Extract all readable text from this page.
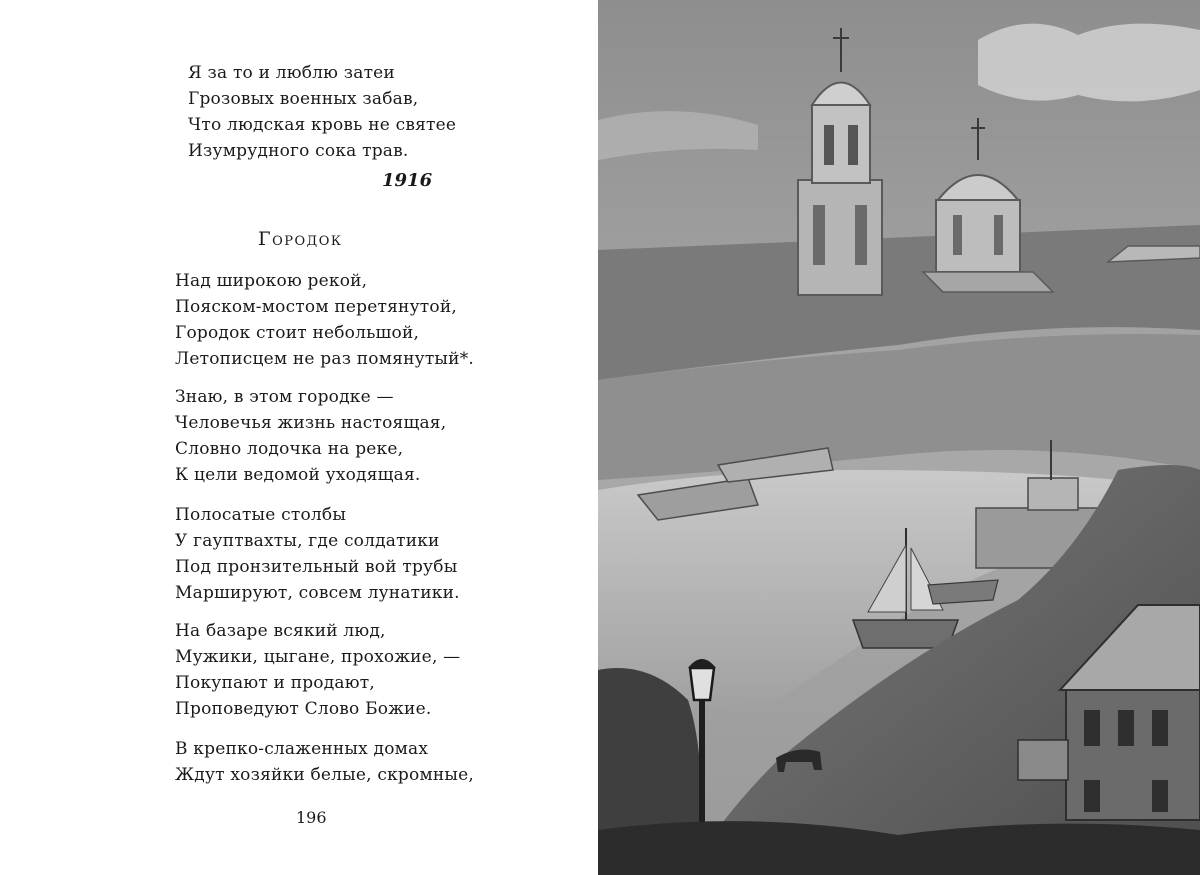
Я за то и люблю затеи
Грозовых военных забав,
Что людская кровь не святее
Изумрудного сока трав.
1916
Городок
Над широкою рекой,
Пояском-мостом перетянутой,
Городок стоит небольшой,
Летописцем не раз помянутый*.
Знаю, в этом городке —
Человечья жизнь настоящая,
Словно лодочка на реке,
К цели ведомой уходящая.
Полосатые столбы
У гауптвахты, где солдатики
Под пронзительный вой трубы
Маршируют, совсем лунатики.
На базаре всякий люд,
Мужики, цыгане, прохожие, —
Покупают и продают,
Проповедуют Слово Божие.
В крепко-слаженных домах
Ждут хозяйки белые, скромные,
196
